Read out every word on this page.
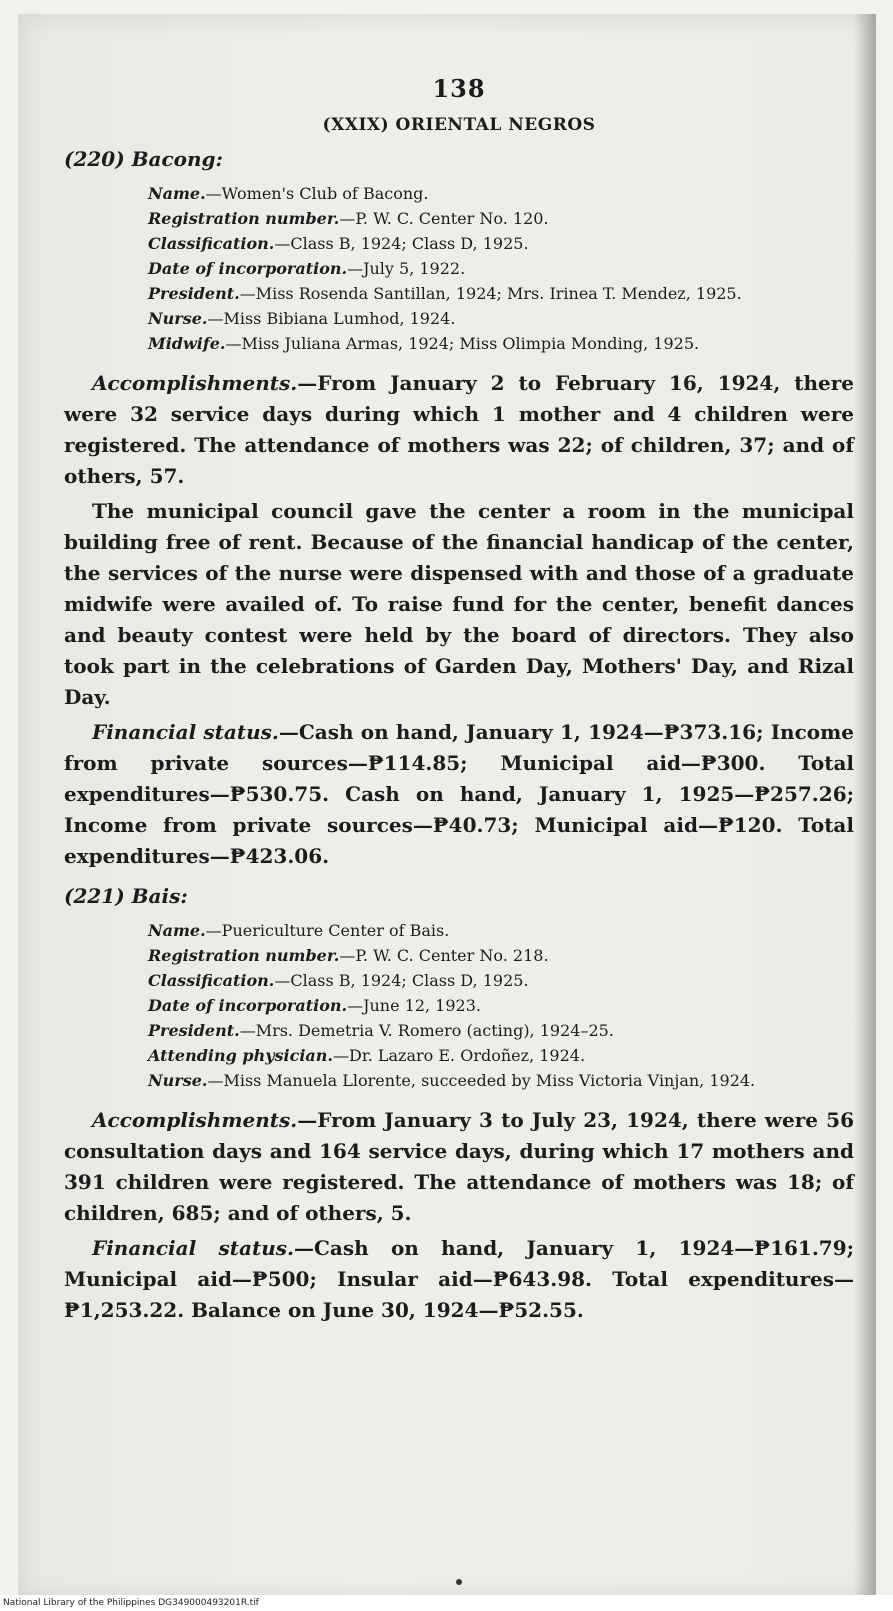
138
(XXIX) ORIENTAL NEGROS
(220) Bacong:
Name.—Women's Club of Bacong.
Registration number.—P. W. C. Center No. 120.
Classification.—Class B, 1924; Class D, 1925.
Date of incorporation.—July 5, 1922.
President.—Miss Rosenda Santillan, 1924; Mrs. Irinea T. Mendez, 1925.
Nurse.—Miss Bibiana Lumhod, 1924.
Midwife.—Miss Juliana Armas, 1924; Miss Olimpia Monding, 1925.
Accomplishments.—From January 2 to February 16, 1924, there were 32 service days during which 1 mother and 4 children were registered. The attendance of mothers was 22; of children, 37; and of others, 57.
The municipal council gave the center a room in the municipal building free of rent. Because of the financial handicap of the center, the services of the nurse were dispensed with and those of a graduate midwife were availed of. To raise fund for the center, benefit dances and beauty contest were held by the board of directors. They also took part in the celebrations of Garden Day, Mothers' Day, and Rizal Day.
Financial status.—Cash on hand, January 1, 1924—₱373.16; Income from private sources—₱114.85; Municipal aid—₱300. Total expenditures—₱530.75. Cash on hand, January 1, 1925—₱257.26; Income from private sources—₱40.73; Municipal aid—₱120. Total expenditures—₱423.06.
(221) Bais:
Name.—Puericulture Center of Bais.
Registration number.—P. W. C. Center No. 218.
Classification.—Class B, 1924; Class D, 1925.
Date of incorporation.—June 12, 1923.
President.—Mrs. Demetria V. Romero (acting), 1924–25.
Attending physician.—Dr. Lazaro E. Ordoñez, 1924.
Nurse.—Miss Manuela Llorente, succeeded by Miss Victoria Vinjan, 1924.
Accomplishments.—From January 3 to July 23, 1924, there were 56 consultation days and 164 service days, during which 17 mothers and 391 children were registered. The attendance of mothers was 18; of children, 685; and of others, 5.
Financial status.—Cash on hand, January 1, 1924—₱161.79; Municipal aid—₱500; Insular aid—₱643.98. Total expenditures—₱1,253.22. Balance on June 30, 1924—₱52.55.
National Library of the Philippines DG349000493201R.tif
